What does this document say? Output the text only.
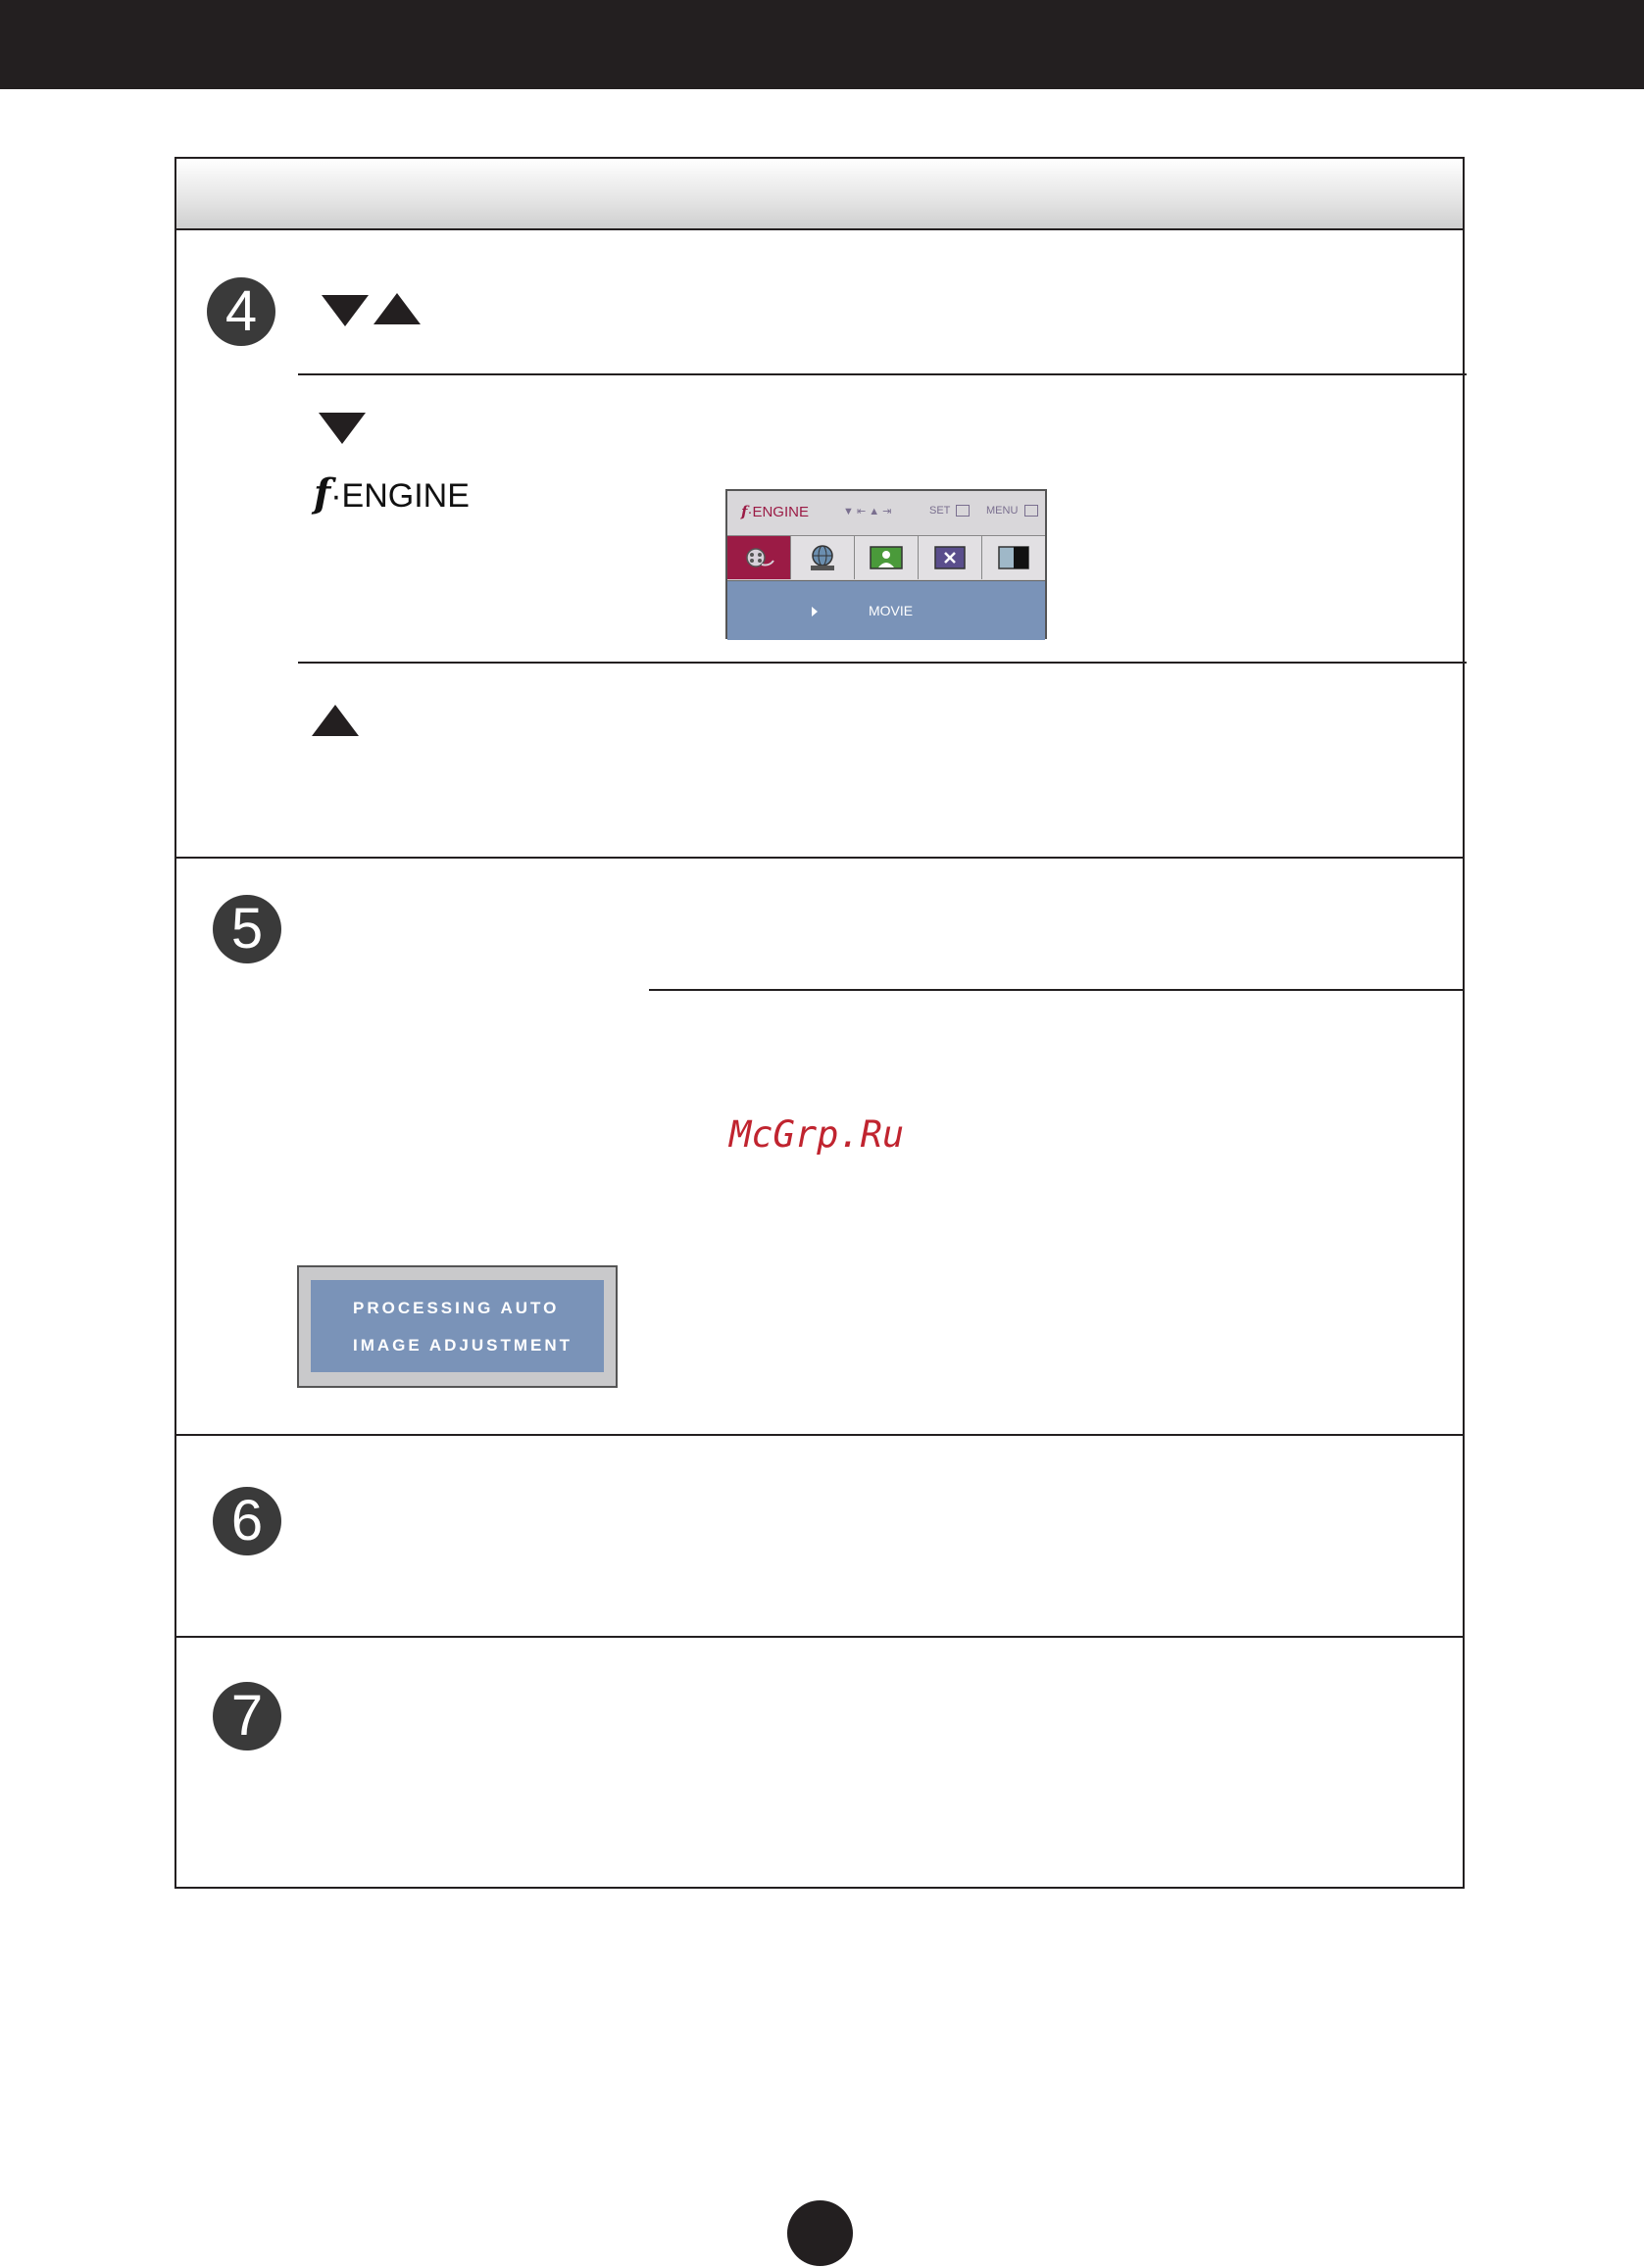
4
5
6
7
f·ENGINE	f·ENGINE	▼ ⇤ ▲ ⇥	SET	MENU
MOVIE
McGrp.Ru
PROCESSING AUTO
IMAGE ADJUSTMENT
